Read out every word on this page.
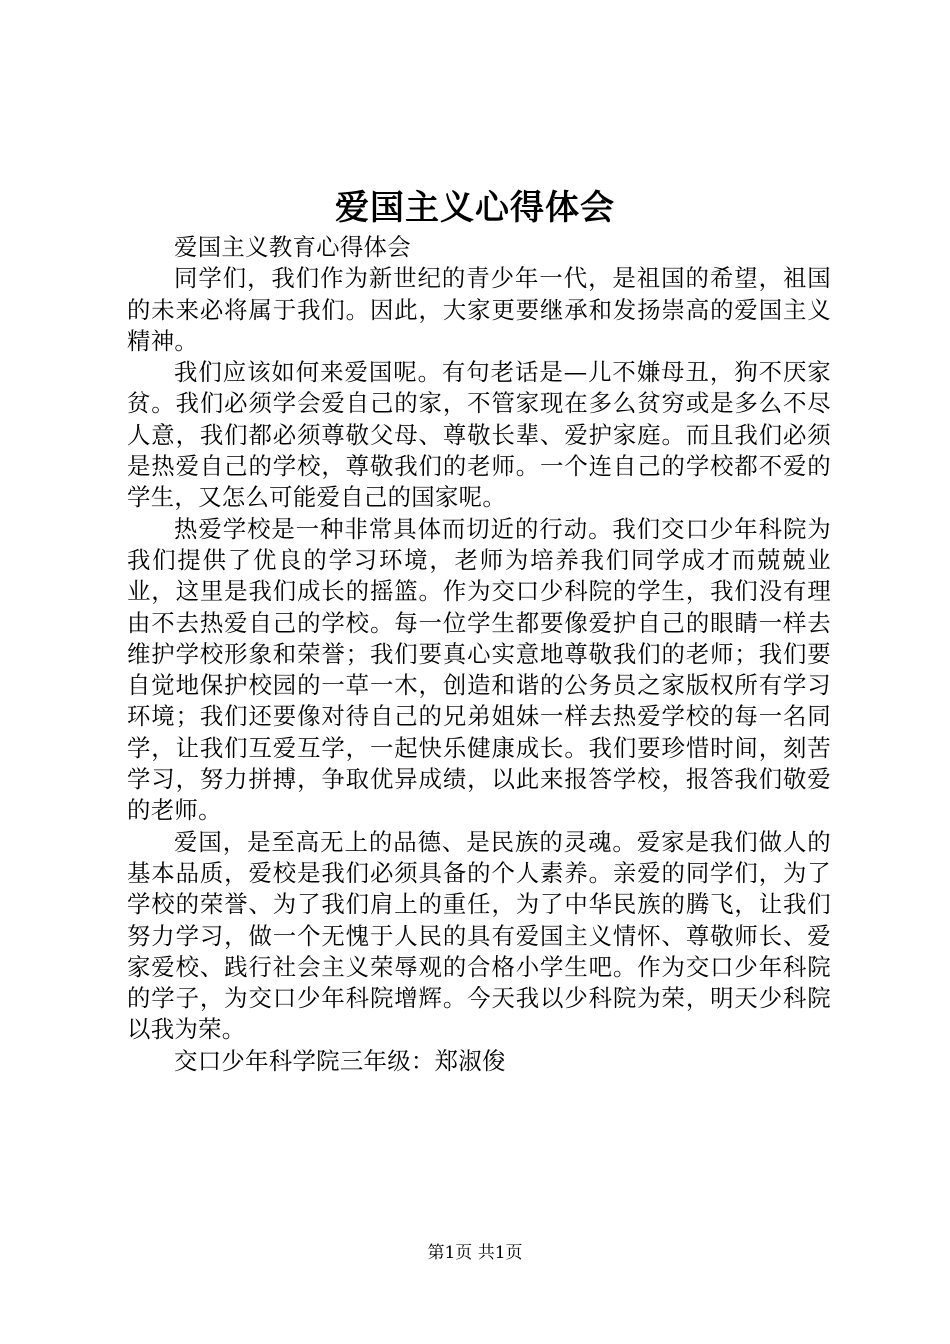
爱国主义心得体会

爱国主义教育心得体会

同学们，我们作为新世纪的青少年一代，是祖国的希望，祖国的未来必将属于我们。因此，大家更要继承和发扬崇高的爱国主义精神。

我们应该如何来爱国呢。有句老话是—儿不嫌母丑，狗不厌家贫。我们必须学会爱自己的家，不管家现在多么贫穷或是多么不尽人意，我们都必须尊敬父母、尊敬长辈、爱护家庭。而且我们必须是热爱自己的学校，尊敬我们的老师。一个连自己的学校都不爱的学生，又怎么可能爱自己的国家呢。

热爱学校是一种非常具体而切近的行动。我们交口少年科院为我们提供了优良的学习环境，老师为培养我们同学成才而兢兢业业，这里是我们成长的摇篮。作为交口少科院的学生，我们没有理由不去热爱自己的学校。每一位学生都要像爱护自己的眼睛一样去维护学校形象和荣誉；我们要真心实意地尊敬我们的老师；我们要自觉地保护校园的一草一木，创造和谐的公务员之家版权所有学习环境；我们还要像对待自己的兄弟姐妹一样去热爱学校的每一名同学，让我们互爱互学，一起快乐健康成长。我们要珍惜时间，刻苦学习，努力拼搏，争取优异成绩，以此来报答学校，报答我们敬爱的老师。

爱国，是至高无上的品德、是民族的灵魂。爱家是我们做人的基本品质，爱校是我们必须具备的个人素养。亲爱的同学们，为了学校的荣誉、为了我们肩上的重任，为了中华民族的腾飞，让我们努力学习，做一个无愧于人民的具有爱国主义情怀、尊敬师长、爱家爱校、践行社会主义荣辱观的合格小学生吧。作为交口少年科院的学子，为交口少年科院增辉。今天我以少科院为荣，明天少科院以我为荣。

交口少年科学院三年级：郑淑俊

第1页 共1页
